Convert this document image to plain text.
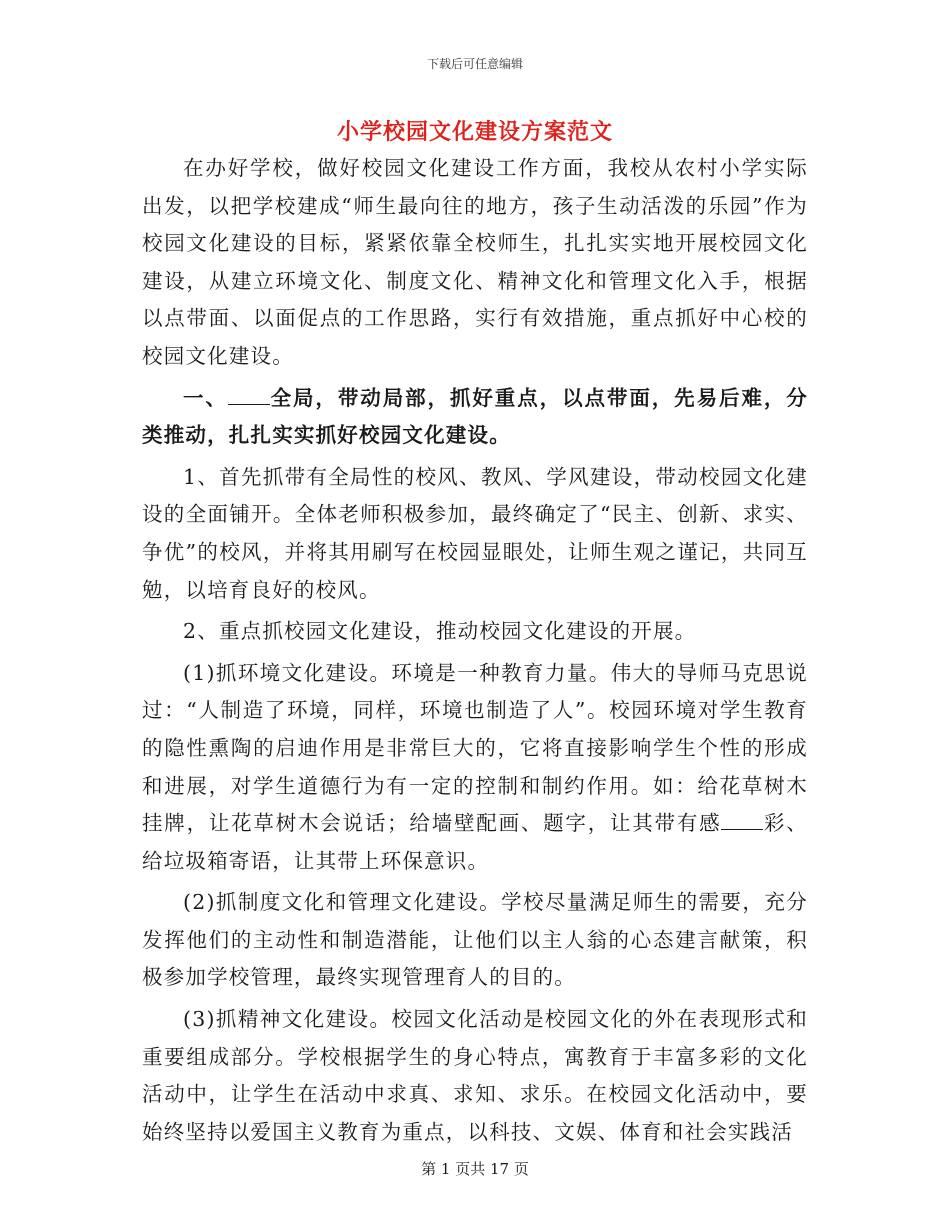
下载后可任意编辑
小学校园文化建设方案范文

在办好学校，做好校园文化建设工作方面，我校从农村小学实际出发，以把学校建成“师生最向往的地方，孩子生动活泼的乐园”作为校园文化建设的目标，紧紧依靠全校师生，扎扎实实地开展校园文化建设，从建立环境文化、制度文化、精神文化和管理文化入手，根据以点带面、以面促点的工作思路，实行有效措施，重点抓好中心校的校园文化建设。

一、 全局，带动局部，抓好重点，以点带面，先易后难，分类推动，扎扎实实抓好校园文化建设。

1、首先抓带有全局性的校风、教风、学风建设，带动校园文化建设的全面铺开。全体老师积极参加，最终确定了“民主、创新、求实、争优”的校风，并将其用刷写在校园显眼处，让师生观之谨记，共同互勉，以培育良好的校风。

2、重点抓校园文化建设，推动校园文化建设的开展。

(1)抓环境文化建设。环境是一种教育力量。伟大的导师马克思说过：“人制造了环境，同样，环境也制造了人”。校园环境对学生教育的隐性熏陶的启迪作用是非常巨大的，它将直接影响学生个性的形成和进展，对学生道德行为有一定的控制和制约作用。如：给花草树木挂牌，让花草树木会说话；给墙壁配画、题字，让其带有感 彩、给垃圾箱寄语，让其带上环保意识。

(2)抓制度文化和管理文化建设。学校尽量满足师生的需要，充分发挥他们的主动性和制造潜能，让他们以主人翁的心态建言献策，积极参加学校管理，最终实现管理育人的目的。

(3)抓精神文化建设。校园文化活动是校园文化的外在表现形式和重要组成部分。学校根据学生的身心特点，寓教育于丰富多彩的文化活动中，让学生在活动中求真、求知、求乐。在校园文化活动中，要始终坚持以爱国主义教育为重点，以科技、文娱、体育和社会实践活

第 1 页共 17 页
